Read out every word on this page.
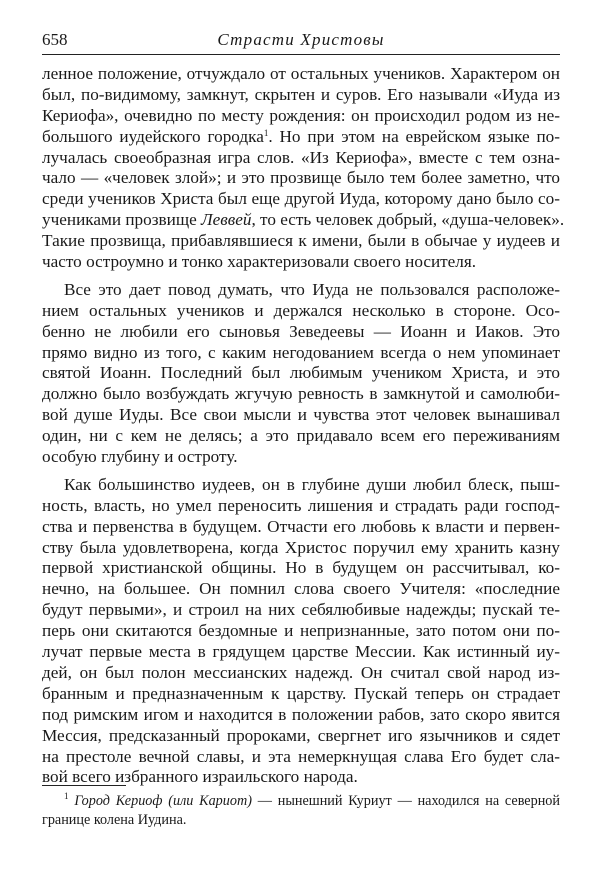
658	Страсти Христовы
ленное положение, отчуждало от остальных учеников. Характером он
был, по-видимому, замкнут, скрытен и суров. Его называли «Иуда из
Кериофа», очевидно по месту рождения: он происходил родом из не-
большого иудейского городка$^1$. Но при этом на еврейском языке по-
лучалась своеобразная игра слов. «Из Кериофа», вместе с тем озна-
чало — «человек злой»; и это прозвище было тем более заметно, что
среди учеников Христа был еще другой Иуда, которому дано было со-
учениками прозвище Леввей, то есть человек добрый, «душа-человек».
Такие прозвища, прибавлявшиеся к имени, были в обычае у иудеев и
часто остроумно и тонко характеризовали своего носителя.
Все это дает повод думать, что Иуда не пользовался расположе-
нием остальных учеников и держался несколько в стороне. Осо-
бенно не любили его сыновья Зеведеевы — Иоанн и Иаков. Это
прямо видно из того, с каким негодованием всегда о нем упоминает
святой Иоанн. Последний был любимым учеником Христа, и это
должно было возбуждать жгучую ревность в замкнутой и самолюби-
вой душе Иуды. Все свои мысли и чувства этот человек вынашивал
один, ни с кем не делясь; а это придавало всем его переживаниям
особую глубину и остроту.
Как большинство иудеев, он в глубине души любил блеск, пыш-
ность, власть, но умел переносить лишения и страдать ради господ-
ства и первенства в будущем. Отчасти его любовь к власти и первен-
ству была удовлетворена, когда Христос поручил ему хранить казну
первой христианской общины. Но в будущем он рассчитывал, ко-
нечно, на большее. Он помнил слова своего Учителя: «последние
будут первыми», и строил на них себялюбивые надежды; пускай те-
перь они скитаются бездомные и непризнанные, зато потом они по-
лучат первые места в грядущем царстве Мессии. Как истинный иу-
дей, он был полон мессианских надежд. Он считал свой народ из-
бранным и предназначенным к царству. Пускай теперь он страдает
под римским игом и находится в положении рабов, зато скоро явится
Мессия, предсказанный пророками, свергнет иго язычников и сядет
на престоле вечной славы, и эта немеркнущая слава Его будет сла-
вой всего избранного израильского народа.
$^1$ Город Кериоф (или Кариот) — нынешний Куриут — находился на северной
границе колена Иудина.
